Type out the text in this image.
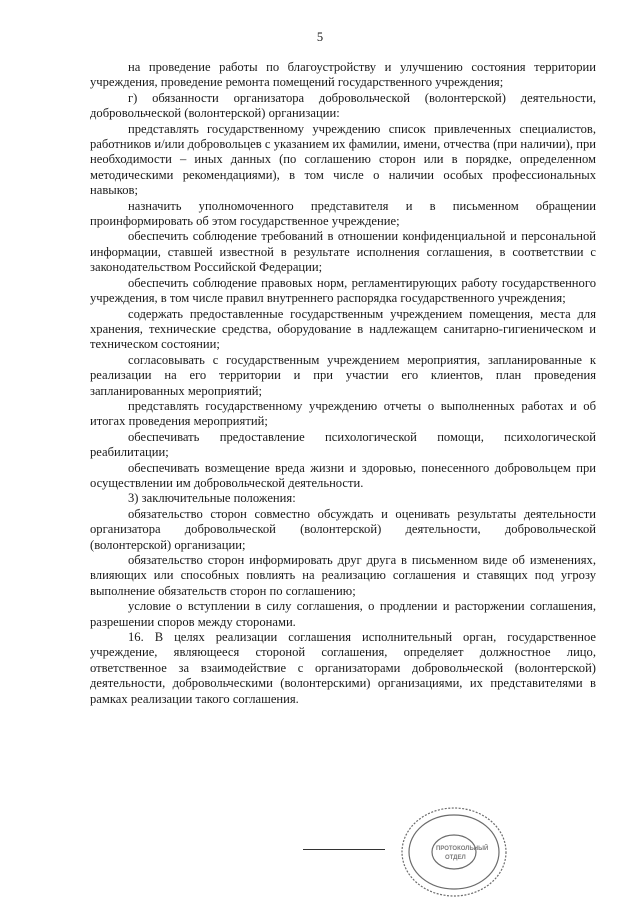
5

на проведение работы по благоустройству и улучшению состояния территории учреждения, проведение ремонта помещений государственного учреждения;

г) обязанности организатора добровольческой (волонтерской) деятельности, добровольческой (волонтерской) организации:

представлять государственному учреждению список привлеченных специалистов, работников и/или добровольцев с указанием их фамилии, имени, отчества (при наличии), при необходимости – иных данных (по соглашению сторон или в порядке, определенном методическими рекомендациями), в том числе о наличии особых профессиональных навыков;

назначить уполномоченного представителя и в письменном обращении проинформировать об этом государственное учреждение;

обеспечить соблюдение требований в отношении конфиденциальной и персональной информации, ставшей известной в результате исполнения соглашения, в соответствии с законодательством Российской Федерации;

обеспечить соблюдение правовых норм, регламентирующих работу государственного учреждения, в том числе правил внутреннего распорядка государственного учреждения;

содержать предоставленные государственным учреждением помещения, места для хранения, технические средства, оборудование в надлежащем санитарно-гигиеническом и техническом состоянии;

согласовывать с государственным учреждением мероприятия, запланированные к реализации на его территории и при участии его клиентов, план проведения запланированных мероприятий;

представлять государственному учреждению отчеты о выполненных работах и об итогах проведения мероприятий;

обеспечивать предоставление психологической помощи, психологической реабилитации;

обеспечивать возмещение вреда жизни и здоровью, понесенного добровольцем при осуществлении им добровольческой деятельности.

3) заключительные положения:

обязательство сторон совместно обсуждать и оценивать результаты деятельности организатора добровольческой (волонтерской) деятельности, добровольческой (волонтерской) организации;

обязательство сторон информировать друг друга в письменном виде об изменениях, влияющих или способных повлиять на реализацию соглашения и ставящих под угрозу выполнение обязательств сторон по соглашению;

условие о вступлении в силу соглашения, о продлении и расторжении соглашения, разрешении споров между сторонами.

16. В целях реализации соглашения исполнительный орган, государственное учреждение, являющееся стороной соглашения, определяет должностное лицо, ответственное за взаимодействие с организаторами добровольческой (волонтерской) деятельности, добровольческими (волонтерскими) организациями, их представителями в рамках реализации такого соглашения.

ПРОТОКОЛЬНЫЙ
ОТДЕЛ
